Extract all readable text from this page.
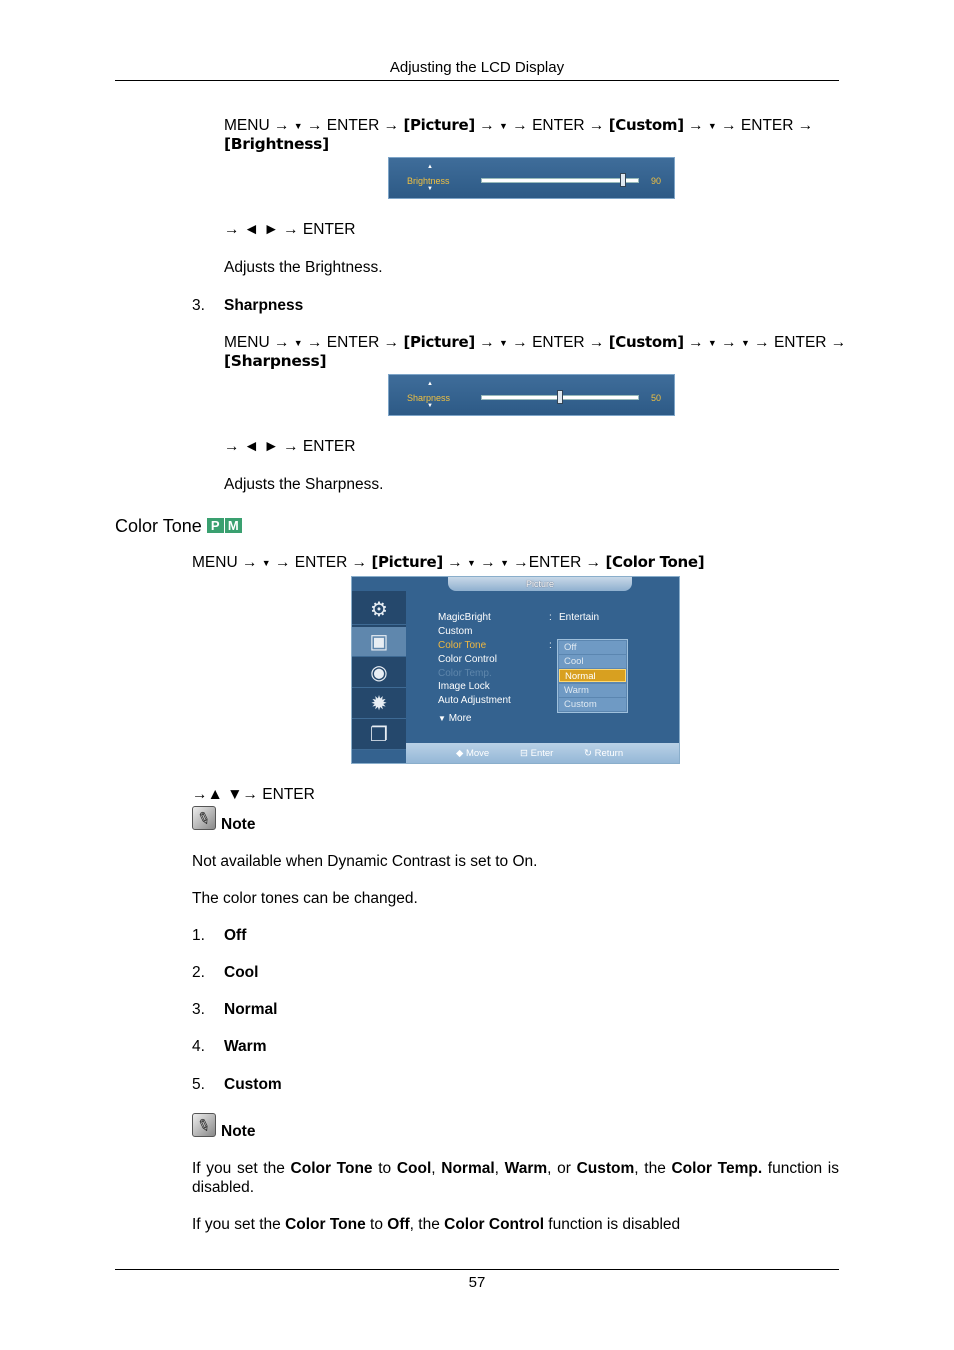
Adjusting the LCD Display
MENU → ▼ → ENTER → [Picture] → ▼ → ENTER → [Custom] → ▼ → ENTER →
[Brightness]
▲
Brightness
▼
90
→ ◄ ► → ENTER
Adjusts the Brightness.
3. Sharpness
MENU → ▼ → ENTER → [Picture] → ▼ → ENTER → [Custom] → ▼ → ▼ → ENTER →
[Sharpness]
▲
Sharpness
▼
50
→ ◄ ► → ENTER
Adjusts the Sharpness.
Color Tone P M
MENU → ▼ → ENTER → [Picture] → ▼ → ▼ →ENTER → [Color Tone]
Picture
⚙
▣
◉
✹
❐
MagicBright	: Entertain
Custom
Color Tone	:
Color Control
Color Temp.
Image Lock
Auto Adjustment
▼ More
Off
Cool
Normal
Warm
Custom
◆ Move	⊟ Enter	↻ Return
→▲ ▼→ ENTER
✎ Note
Not available when Dynamic Contrast is set to On.
The color tones can be changed.
1. Off
2. Cool
3. Normal
4. Warm
5. Custom
✎ Note
If you set the Color Tone to Cool, Normal, Warm, or Custom, the Color Temp. function is
disabled.
If you set the Color Tone to Off, the Color Control function is disabled
57
